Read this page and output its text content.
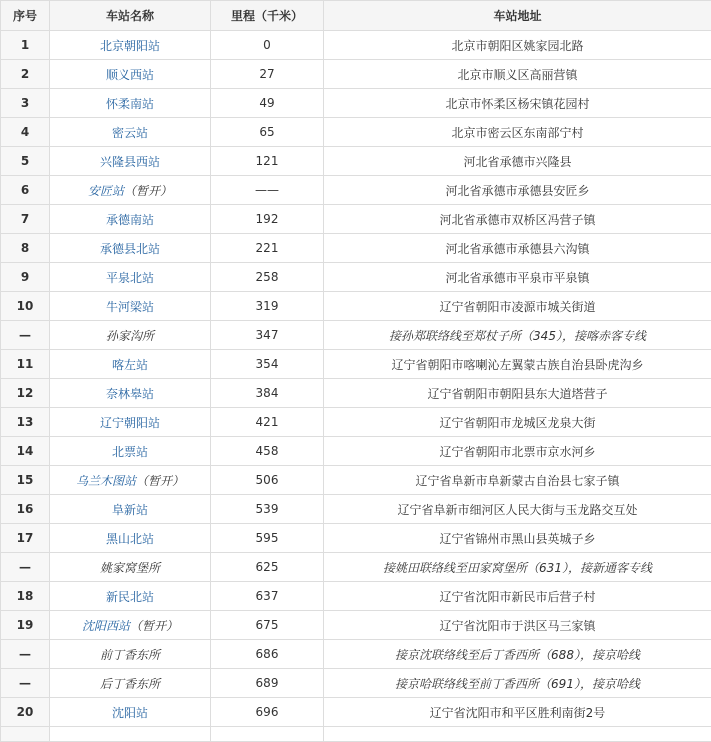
序号	车站名称	里程（千米）	车站地址
1	北京朝阳站	0	北京市朝阳区姚家园北路
2	顺义西站	27	北京市顺义区高丽营镇
3	怀柔南站	49	北京市怀柔区杨宋镇花园村
4	密云站	65	北京市密云区东南部宁村
5	兴隆县西站	121	河北省承德市兴隆县
6	安匠站（暂开）	——	河北省承德市承德县安匠乡
7	承德南站	192	河北省承德市双桥区冯营子镇
8	承德县北站	221	河北省承德市承德县六沟镇
9	平泉北站	258	河北省承德市平泉市平泉镇
10	牛河梁站	319	辽宁省朝阳市凌源市城关街道
—	孙家沟所	347	接孙郑联络线至郑杖子所（345），接喀赤客专线
11	喀左站	354	辽宁省朝阳市喀喇沁左翼蒙古族自治县卧虎沟乡
12	奈林皋站	384	辽宁省朝阳市朝阳县东大道塔营子
13	辽宁朝阳站	421	辽宁省朝阳市龙城区龙泉大街
14	北票站	458	辽宁省朝阳市北票市京水河乡
15	乌兰木图站（暂开）	506	辽宁省阜新市阜新蒙古自治县七家子镇
16	阜新站	539	辽宁省阜新市细河区人民大街与玉龙路交互处
17	黑山北站	595	辽宁省锦州市黑山县英城子乡
—	姚家窝堡所	625	接姚田联络线至田家窝堡所（631），接新通客专线
18	新民北站	637	辽宁省沈阳市新民市后营子村
19	沈阳西站（暂开）	675	辽宁省沈阳市于洪区马三家镇
—	前丁香东所	686	接京沈联络线至后丁香西所（688），接京哈线
—	后丁香东所	689	接京哈联络线至前丁香西所（691），接京哈线
20	沈阳站	696	辽宁省沈阳市和平区胜利南街2号
